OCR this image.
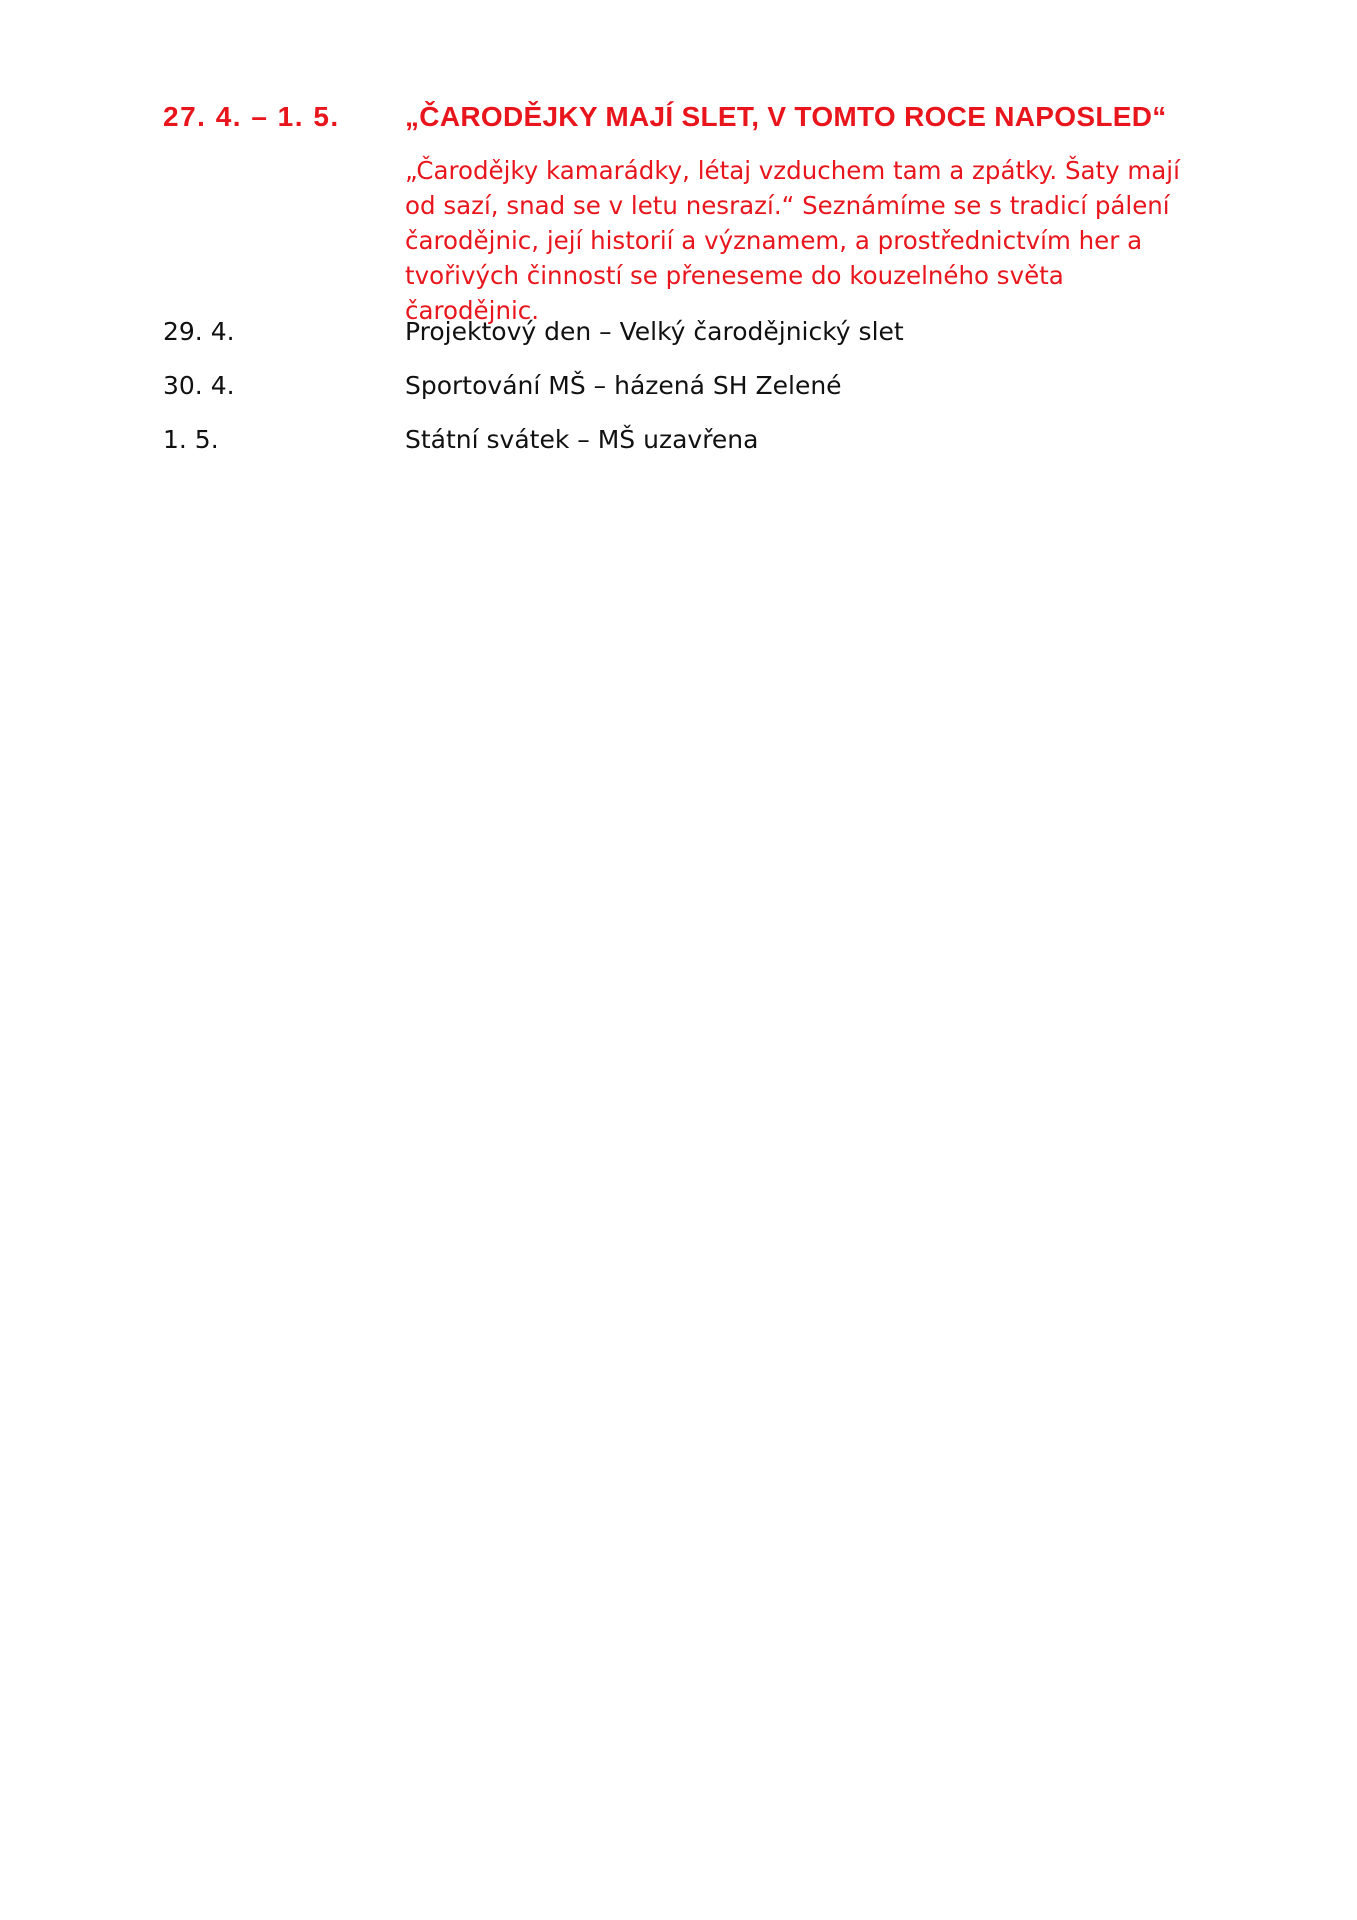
27. 4. – 1. 5. „ČARODĚJKY MAJÍ SLET, V TOMTO ROCE NAPOSLED“
„Čarodějky kamarádky, létaj vzduchem tam a zpátky. Šaty mají od sazí, snad se v letu nesrazí.“ Seznámíme se s tradicí pálení čarodějnic, její historií a významem, a prostřednictvím her a tvořivých činností se přeneseme do kouzelného světa čarodějnic.
29. 4.	Projektový den – Velký čarodějnický slet
30. 4.	Sportování MŠ – házená SH Zelené
1. 5.	Státní svátek – MŠ uzavřena
